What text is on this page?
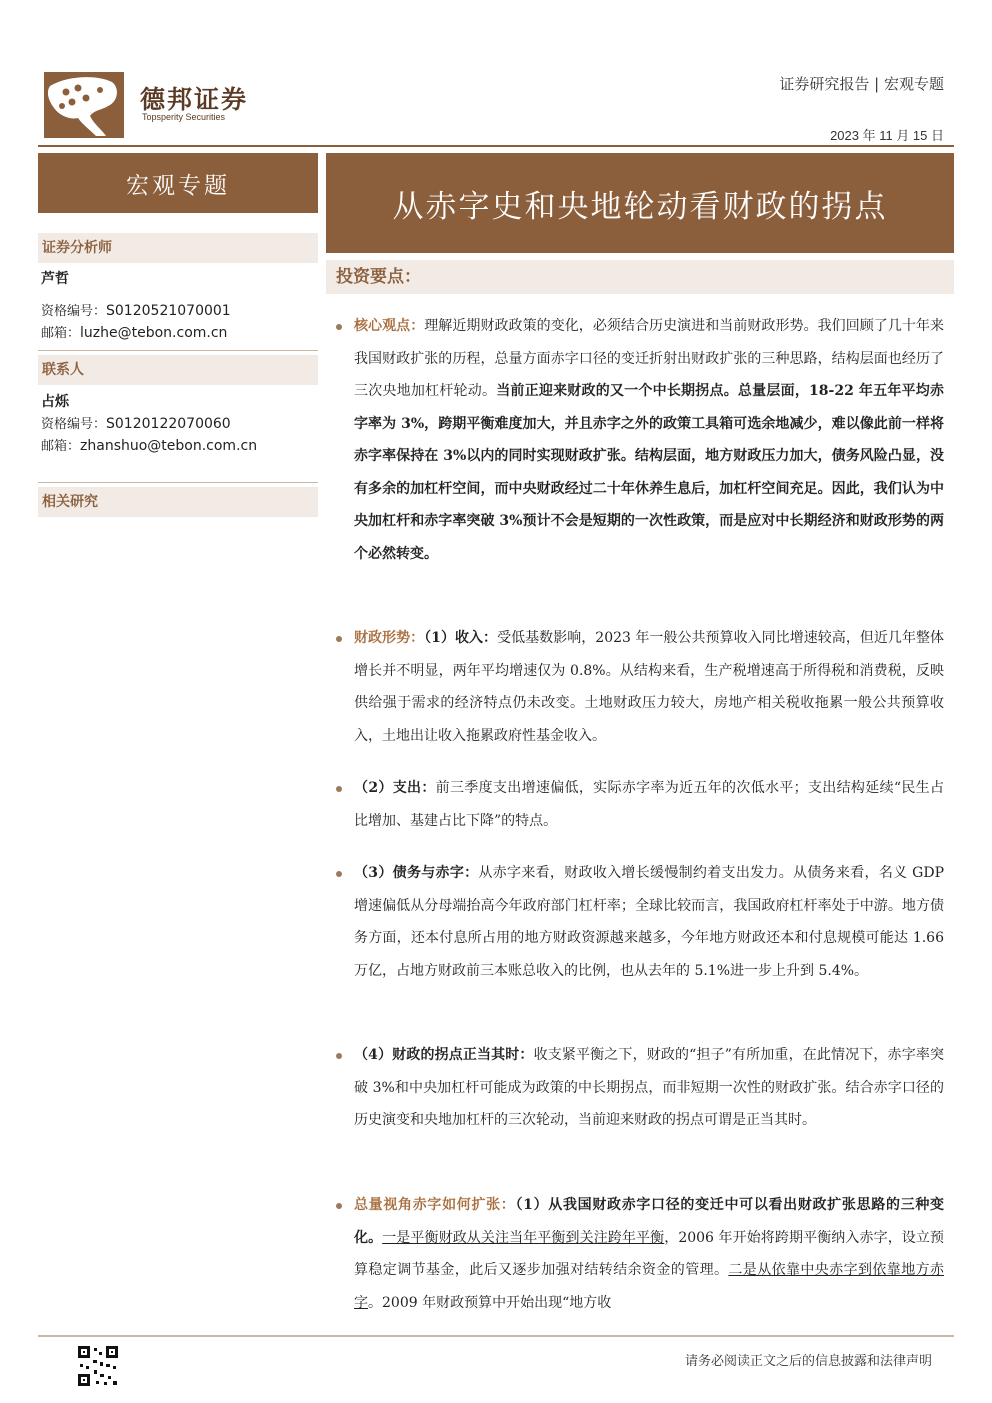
德邦证券
Topsperity Securities
证券研究报告 | 宏观专题
2023 年 11 月 15 日
宏观专题
从赤字史和央地轮动看财政的拐点
证券分析师
芦哲
资格编号：S0120521070001
邮箱：luzhe@tebon.com.cn
联系人
占烁
资格编号：S0120122070060
邮箱：zhanshuo@tebon.com.cn
相关研究
投资要点：
核心观点：理解近期财政政策的变化，必须结合历史演进和当前财政形势。我们回顾了几十年来我国财政扩张的历程，总量方面赤字口径的变迁折射出财政扩张的三种思路，结构层面也经历了三次央地加杠杆轮动。当前正迎来财政的又一个中长期拐点。总量层面，18-22 年五年平均赤字率为 3%，跨期平衡难度加大，并且赤字之外的政策工具箱可选余地减少，难以像此前一样将赤字率保持在 3%以内的同时实现财政扩张。结构层面，地方财政压力加大，债务风险凸显，没有多余的加杠杆空间，而中央财政经过二十年休养生息后，加杠杆空间充足。因此，我们认为中央加杠杆和赤字率突破 3%预计不会是短期的一次性政策，而是应对中长期经济和财政形势的两个必然转变。
财政形势：（1）收入：受低基数影响，2023 年一般公共预算收入同比增速较高，但近几年整体增长并不明显，两年平均增速仅为 0.8%。从结构来看，生产税增速高于所得税和消费税，反映供给强于需求的经济特点仍未改变。土地财政压力较大，房地产相关税收拖累一般公共预算收入，土地出让收入拖累政府性基金收入。
（2）支出：前三季度支出增速偏低，实际赤字率为近五年的次低水平；支出结构延续“民生占比增加、基建占比下降”的特点。
（3）债务与赤字：从赤字来看，财政收入增长缓慢制约着支出发力。从债务来看，名义 GDP 增速偏低从分母端抬高今年政府部门杠杆率；全球比较而言，我国政府杠杆率处于中游。地方债务方面，还本付息所占用的地方财政资源越来越多，今年地方财政还本和付息规模可能达 1.66 万亿，占地方财政前三本账总收入的比例，也从去年的 5.1%进一步上升到 5.4%。
（4）财政的拐点正当其时：收支紧平衡之下，财政的“担子”有所加重，在此情况下，赤字率突破 3%和中央加杠杆可能成为政策的中长期拐点，而非短期一次性的财政扩张。结合赤字口径的历史演变和央地加杠杆的三次轮动，当前迎来财政的拐点可谓是正当其时。
总量视角赤字如何扩张：（1）从我国财政赤字口径的变迁中可以看出财政扩张思路的三种变化。一是平衡财政从关注当年平衡到关注跨年平衡，2006 年开始将跨期平衡纳入赤字，设立预算稳定调节基金，此后又逐步加强对结转结余资金的管理。二是从依靠中央赤字到依靠地方赤字。2009 年财政预算中开始出现“地方收
请务必阅读正文之后的信息披露和法律声明
